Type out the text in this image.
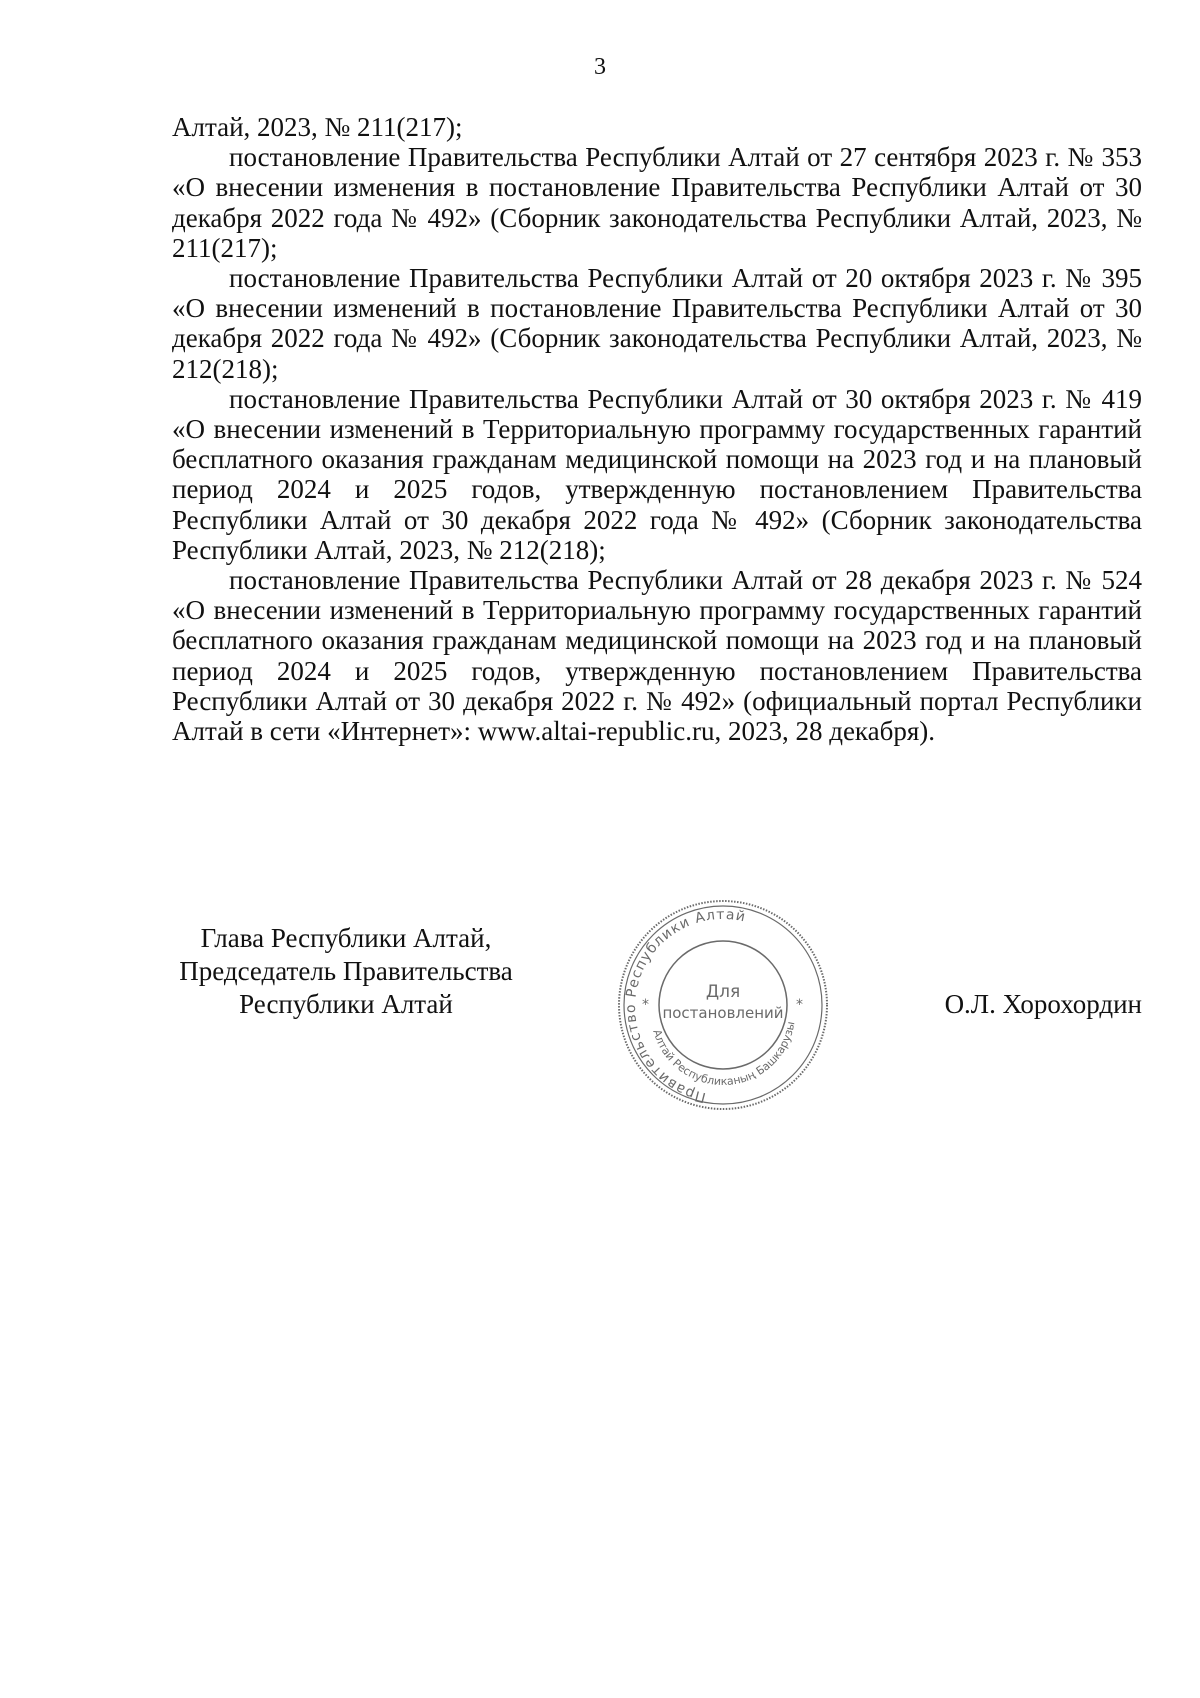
3

Алтай, 2023, № 211(217);

постановление Правительства Республики Алтай от 27 сентября 2023 г. № 353 «О внесении изменения в постановление Правительства Республики Алтай от 30 декабря 2022 года № 492» (Сборник законодательства Республики Алтай, 2023, № 211(217);

постановление Правительства Республики Алтай от 20 октября 2023 г. № 395 «О внесении изменений в постановление Правительства Республики Алтай от 30 декабря 2022 года № 492» (Сборник законодательства Республики Алтай, 2023, № 212(218);

постановление Правительства Республики Алтай от 30 октября 2023 г. № 419 «О внесении изменений в Территориальную программу государственных гарантий бесплатного оказания гражданам медицинской помощи на 2023 год и на плановый период 2024 и 2025 годов, утвержденную постановлением Правительства Республики Алтай от 30 декабря 2022 года № 492» (Сборник законодательства Республики Алтай, 2023, № 212(218);

постановление Правительства Республики Алтай от 28 декабря 2023 г. № 524 «О внесении изменений в Территориальную программу государственных гарантий бесплатного оказания гражданам медицинской помощи на 2023 год и на плановый период 2024 и 2025 годов, утвержденную постановлением Правительства Республики Алтай от 30 декабря 2022 г. № 492» (официальный портал Республики Алтай в сети «Интернет»: www.altai-republic.ru, 2023, 28 декабря).

Глава Республики Алтай,
Председатель Правительства
Республики Алтай	О.Л. Хорохордин
Правительство Республики Алтай
Алтай Республиканың Башкарузы
*	*
Для
постановлений
